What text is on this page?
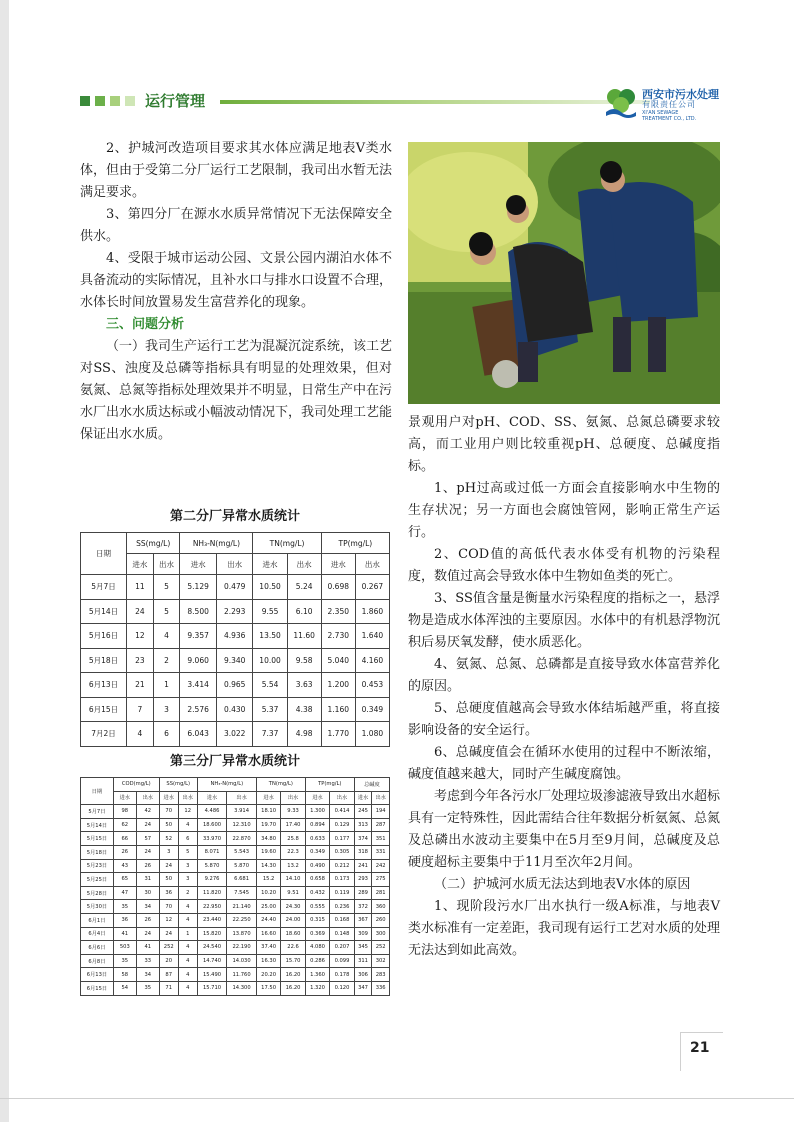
运行管理	西安市污水处理
有限责任公司
XI'AN SEWAGE
TREATMENT CO., LTD.

2、护城河改造项目要求其水体应满足地表V类水体，但由于受第二分厂运行工艺限制，我司出水暂无法满足要求。

3、第四分厂在源水水质异常情况下无法保障安全供水。

4、受限于城市运动公园、文景公园内湖泊水体不具备流动的实际情况，且补水口与排水口设置不合理，水体长时间放置易发生富营养化的现象。

三、问题分析

（一）我司生产运行工艺为混凝沉淀系统，该工艺对SS、浊度及总磷等指标具有明显的处理效果，但对氨氮、总氮等指标处理效果并不明显，日常生产中在污水厂出水水质达标或小幅波动情况下，我司处理工艺能保证出水水质。

景观用户对pH、COD、SS、氨氮、总氮总磷要求较高，而工业用户则比较重视pH、总硬度、总碱度指标。

1、pH过高或过低一方面会直接影响水中生物的生存状况；另一方面也会腐蚀管网，影响正常生产运行。

2、COD值的高低代表水体受有机物的污染程度，数值过高会导致水体中生物如鱼类的死亡。

3、SS值含量是衡量水污染程度的指标之一，悬浮物是造成水体浑浊的主要原因。水体中的有机悬浮物沉积后易厌氧发酵，使水质恶化。

4、氨氮、总氮、总磷都是直接导致水体富营养化的原因。

5、总硬度值越高会导致水体结垢越严重，将直接影响设备的安全运行。

6、总碱度值会在循环水使用的过程中不断浓缩，碱度值越来越大，同时产生碱度腐蚀。

考虑到今年各污水厂处理垃圾渗滤液导致出水超标具有一定特殊性，因此需结合往年数据分析氨氮、总氮及总磷出水波动主要集中在5月至9月间，总碱度及总硬度超标主要集中于11月至次年2月间。

（二）护城河水质无法达到地表V水体的原因

1、现阶段污水厂出水执行一级A标准，与地表V类水标准有一定差距，我司现有运行工艺对水质的处理无法达到如此高效。

第二分厂异常水质统计
日期	SS(mg/L)		NH₃-N(mg/L)		TN(mg/L)		TP(mg/L)	
	进水	出水	进水	出水	进水	出水	进水	出水
5月7日	11	5	5.129	0.479	10.50	5.24	0.698	0.267
5月14日	24	5	8.500	2.293	9.55	6.10	2.350	1.860
5月16日	12	4	9.357	4.936	13.50	11.60	2.730	1.640
5月18日	23	2	9.060	9.340	10.00	9.58	5.040	4.160
6月13日	21	1	3.414	0.965	5.54	3.63	1.200	0.453
6月15日	7	3	2.576	0.430	5.37	4.38	1.160	0.349
7月2日	4	6	6.043	3.022	7.37	4.98	1.770	1.080
第三分厂异常水质统计
日期	COD(mg/L)		SS(mg/L)		NH₃-N(mg/L)		TN(mg/L)		TP(mg/L)		总碱度	
	进水	出水	进水	出水	进水	出水	进水	出水	进水	出水	进水	出水
5月7日	98	42	70	12	4.486	3.914	18.10	9.33	1.300	0.414	245	194
5月14日	62	24	50	4	18.600	12.310	19.70	17.40	0.894	0.129	313	287
5月15日	66	57	52	6	33.970	22.870	34.80	25.8	0.633	0.177	374	351
5月18日	26	24	3	5	8.071	5.543	19.60	22.3	0.349	0.305	318	331
5月23日	43	26	24	3	5.870	5.870	14.30	13.2	0.490	0.212	241	242
5月25日	65	31	50	3	9.276	6.681	15.2	14.10	0.658	0.173	293	275
5月28日	47	30	36	2	11.820	7.545	10.20	9.51	0.432	0.119	289	281
5月30日	35	34	70	4	22.950	21.140	25.00	24.30	0.555	0.236	372	360
6月1日	36	26	12	4	23.440	22.250	24.40	24.00	0.315	0.168	367	260
6月4日	41	24	24	1	15.820	13.870	16.60	18.60	0.369	0.148	309	300
6月6日	503	41	252	4	24.540	22.190	37.40	22.6	4.080	0.207	345	252
6月8日	35	33	20	4	14.740	14.030	16.30	15.70	0.286	0.099	311	302
6月13日	58	34	87	4	15.490	11.760	20.20	16.20	1.360	0.178	306	283
6月15日	54	35	71	4	15.710	14.300	17.50	16.20	1.320	0.120	347	336
21
